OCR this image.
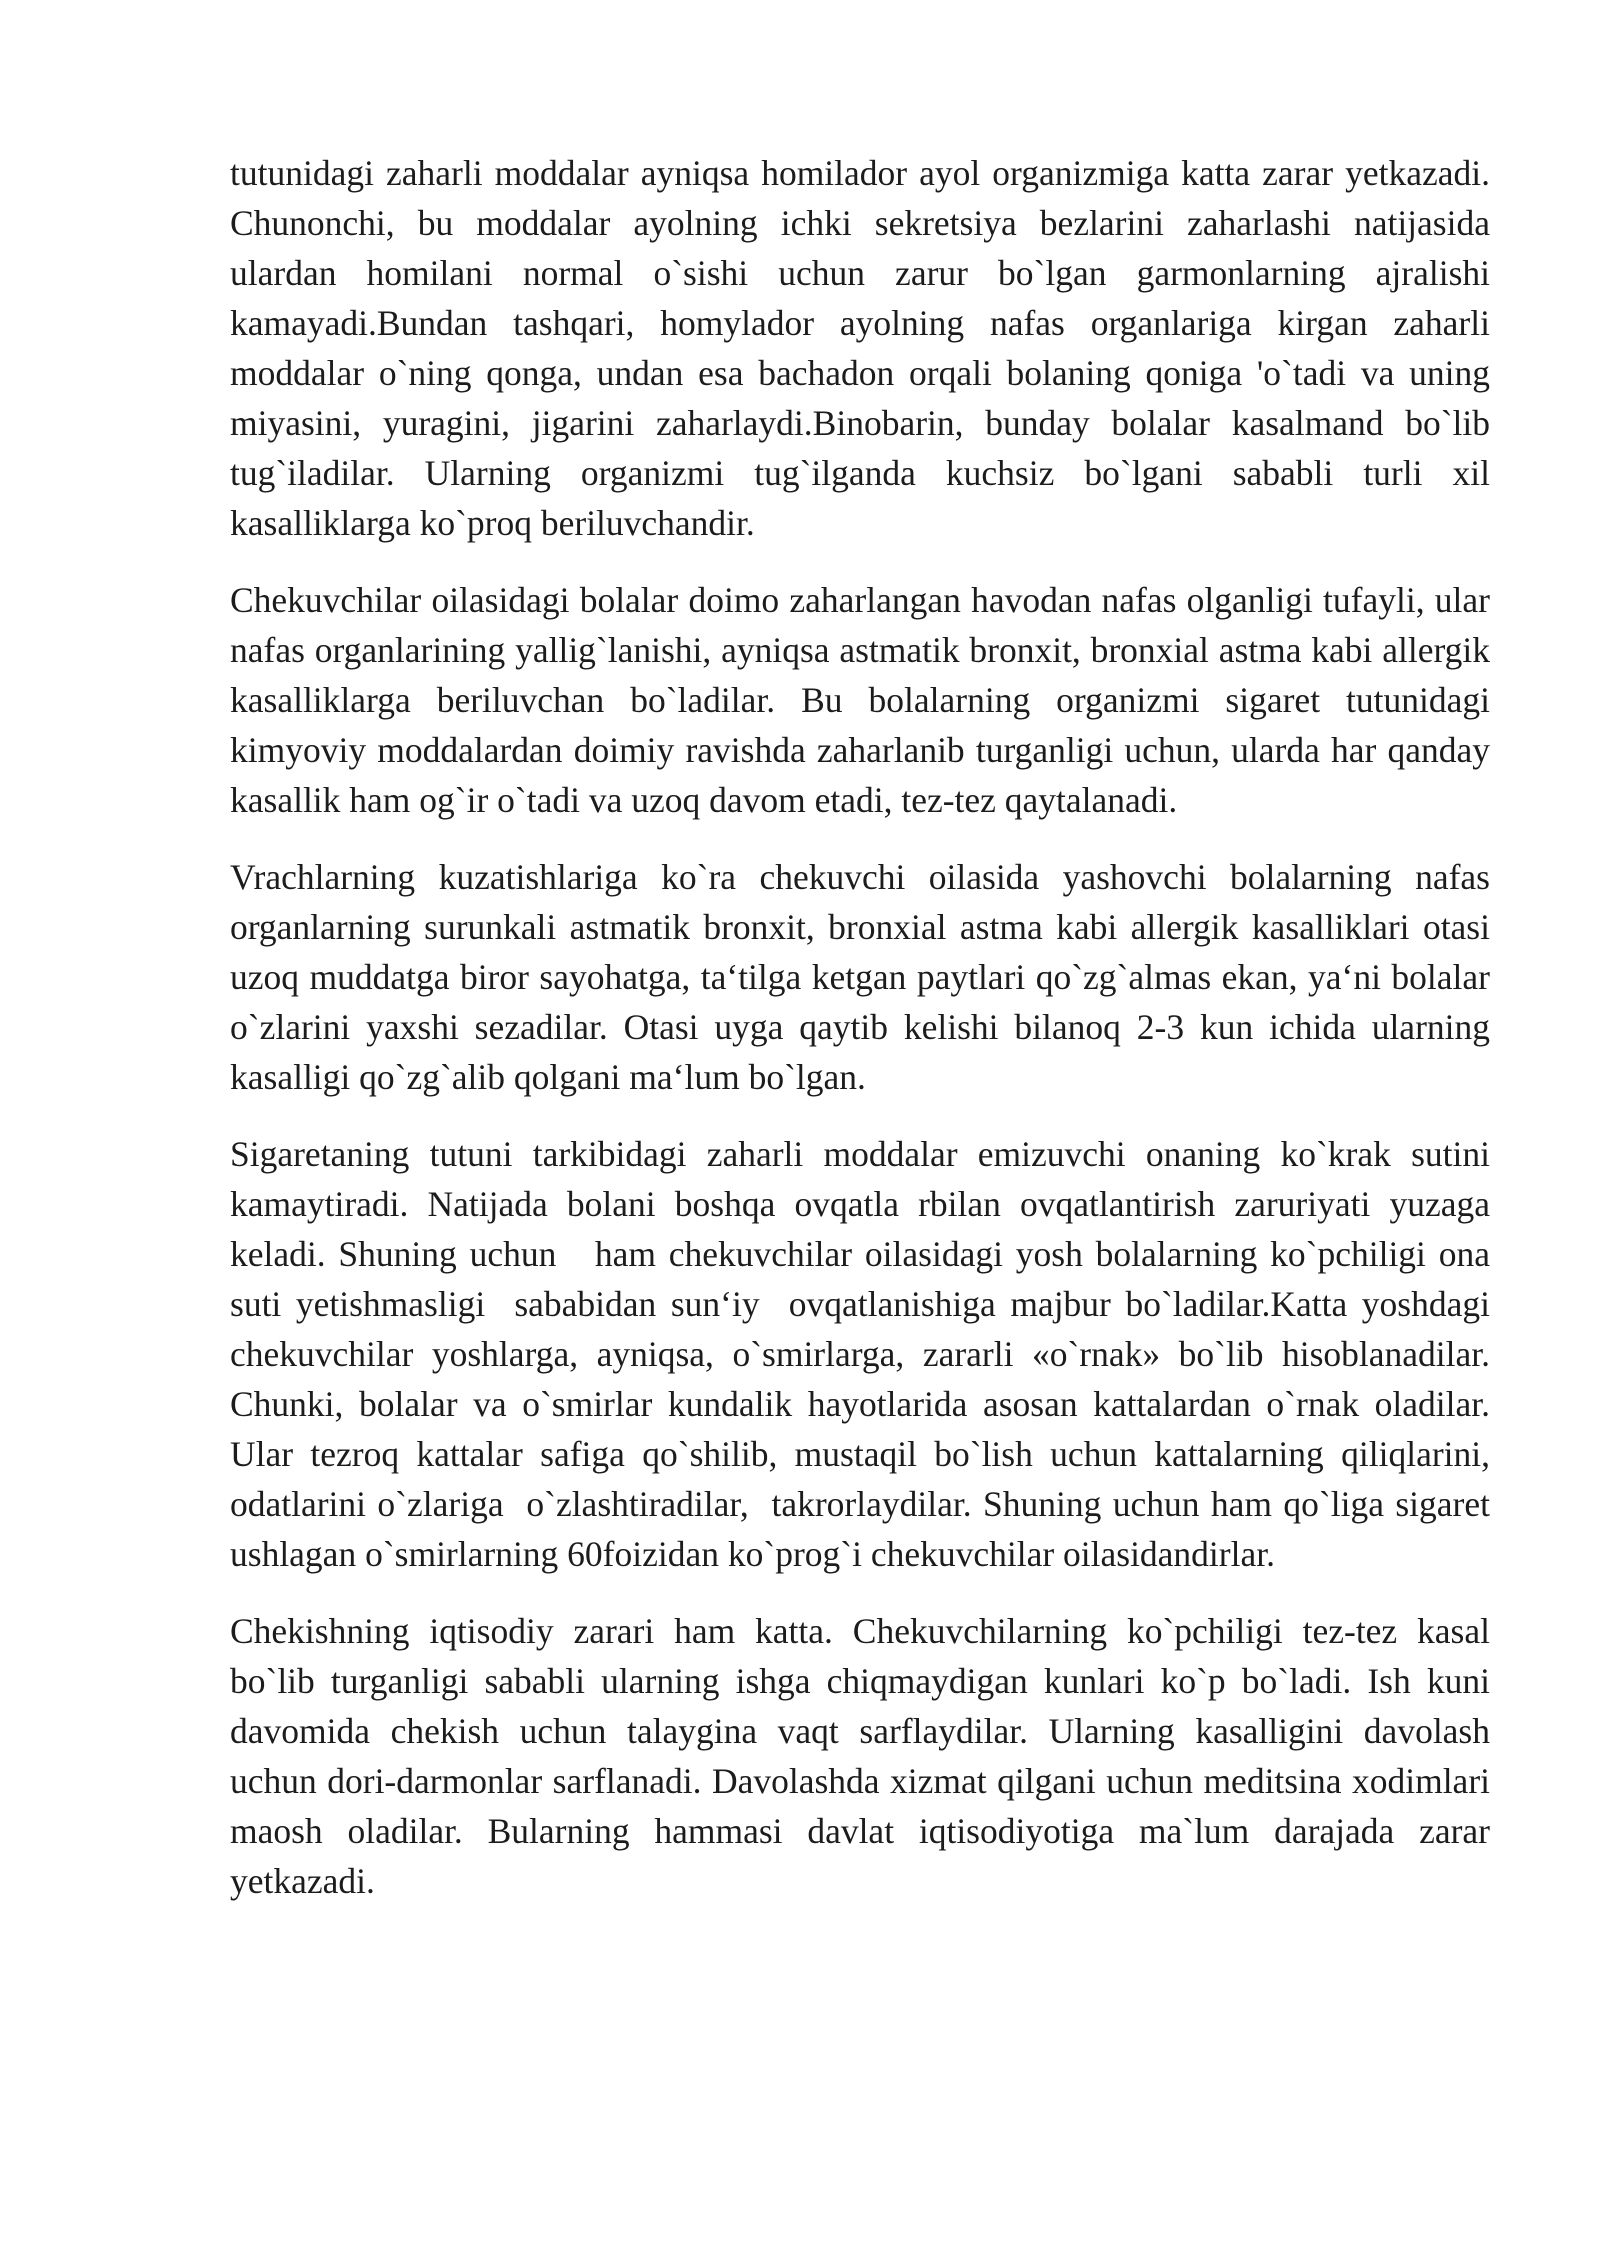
tutunidagi zaharli moddalar ayniqsa homilador ayol organizmiga katta zarar yetkazadi. Chunonchi, bu moddalar ayolning ichki sekretsiya bezlarini zaharlashi natijasida ulardan homilani normal o`sishi uchun zarur bo`lgan garmonlarning ajralishi kamayadi.Bundan tashqari, homylador ayolning nafas organlariga kirgan zaharli moddalar o`ning qonga, undan esa bachadon orqali bolaning qoniga 'o`tadi va uning miyasini, yuragini, jigarini zaharlaydi.Binobarin, bunday bolalar kasalmand bo`lib tug`iladilar. Ularning organizmi tug`ilganda kuchsiz bo`lgani sababli turli xil kasalliklarga ko`proq beriluvchandir.

Chekuvchilar oilasidagi bolalar doimo zaharlangan havodan nafas olganligi tufayli, ular nafas organlarining yallig`lanishi, ayniqsa astmatik bronxit, bronxial astma kabi allergik kasalliklarga beriluvchan bo`ladilar. Bu bolalarning organizmi sigaret tutunidagi kimyoviy moddalardan doimiy ravishda zaharlanib turganligi uchun, ularda har qanday kasallik ham og`ir o`tadi va uzoq davom etadi, tez-tez qaytalanadi.

Vrachlarning kuzatishlariga ko`ra chekuvchi oilasida yashovchi bolalarning nafas organlarning surunkali astmatik bronxit, bronxial astma kabi allergik kasalliklari otasi uzoq muddatga biror sayohatga, ta‘tilga ketgan paytlari qo`zg`almas ekan, ya‘ni bolalar o`zlarini yaxshi sezadilar. Otasi uyga qaytib kelishi bilanoq 2-3 kun ichida ularning kasalligi qo`zg`alib qolgani ma‘lum bo`lgan.

Sigaretaning tutuni tarkibidagi zaharli moddalar emizuvchi onaning ko`krak sutini kamaytiradi. Natijada bolani boshqa ovqatla rbilan ovqatlantirish zaruriyati yuzaga keladi. Shuning uchun   ham chekuvchilar oilasidagi yosh bolalarning ko`pchiligi ona suti yetishmasligi  sababidan sun‘iy  ovqatlanishiga majbur bo`ladilar.Katta yoshdagi chekuvchilar yoshlarga, ayniqsa, o`smirlarga, zararli «o`rnak» bo`lib hisoblanadilar. Chunki, bolalar va o`smirlar kundalik hayotlarida asosan kattalardan o`rnak oladilar. Ular tezroq kattalar safiga qo`shilib, mustaqil bo`lish uchun kattalarning qiliqlarini, odatlarini o`zlariga  o`zlashtiradilar,  takrorlaydilar. Shuning uchun ham qo`liga sigaret ushlagan o`smirlarning 60foizidan ko`prog`i chekuvchilar oilasidandirlar.

Chekishning iqtisodiy zarari ham katta. Chekuvchilarning ko`pchiligi tez-tez kasal bo`lib turganligi sababli ularning ishga chiqmaydigan kunlari ko`p bo`ladi. Ish kuni davomida chekish uchun talaygina vaqt sarflaydilar. Ularning kasalligini davolash uchun dori-darmonlar sarflanadi. Davolashda xizmat qilgani uchun meditsina xodimlari maosh oladilar. Bularning hammasi davlat iqtisodiyotiga ma`lum darajada zarar yetkazadi.
